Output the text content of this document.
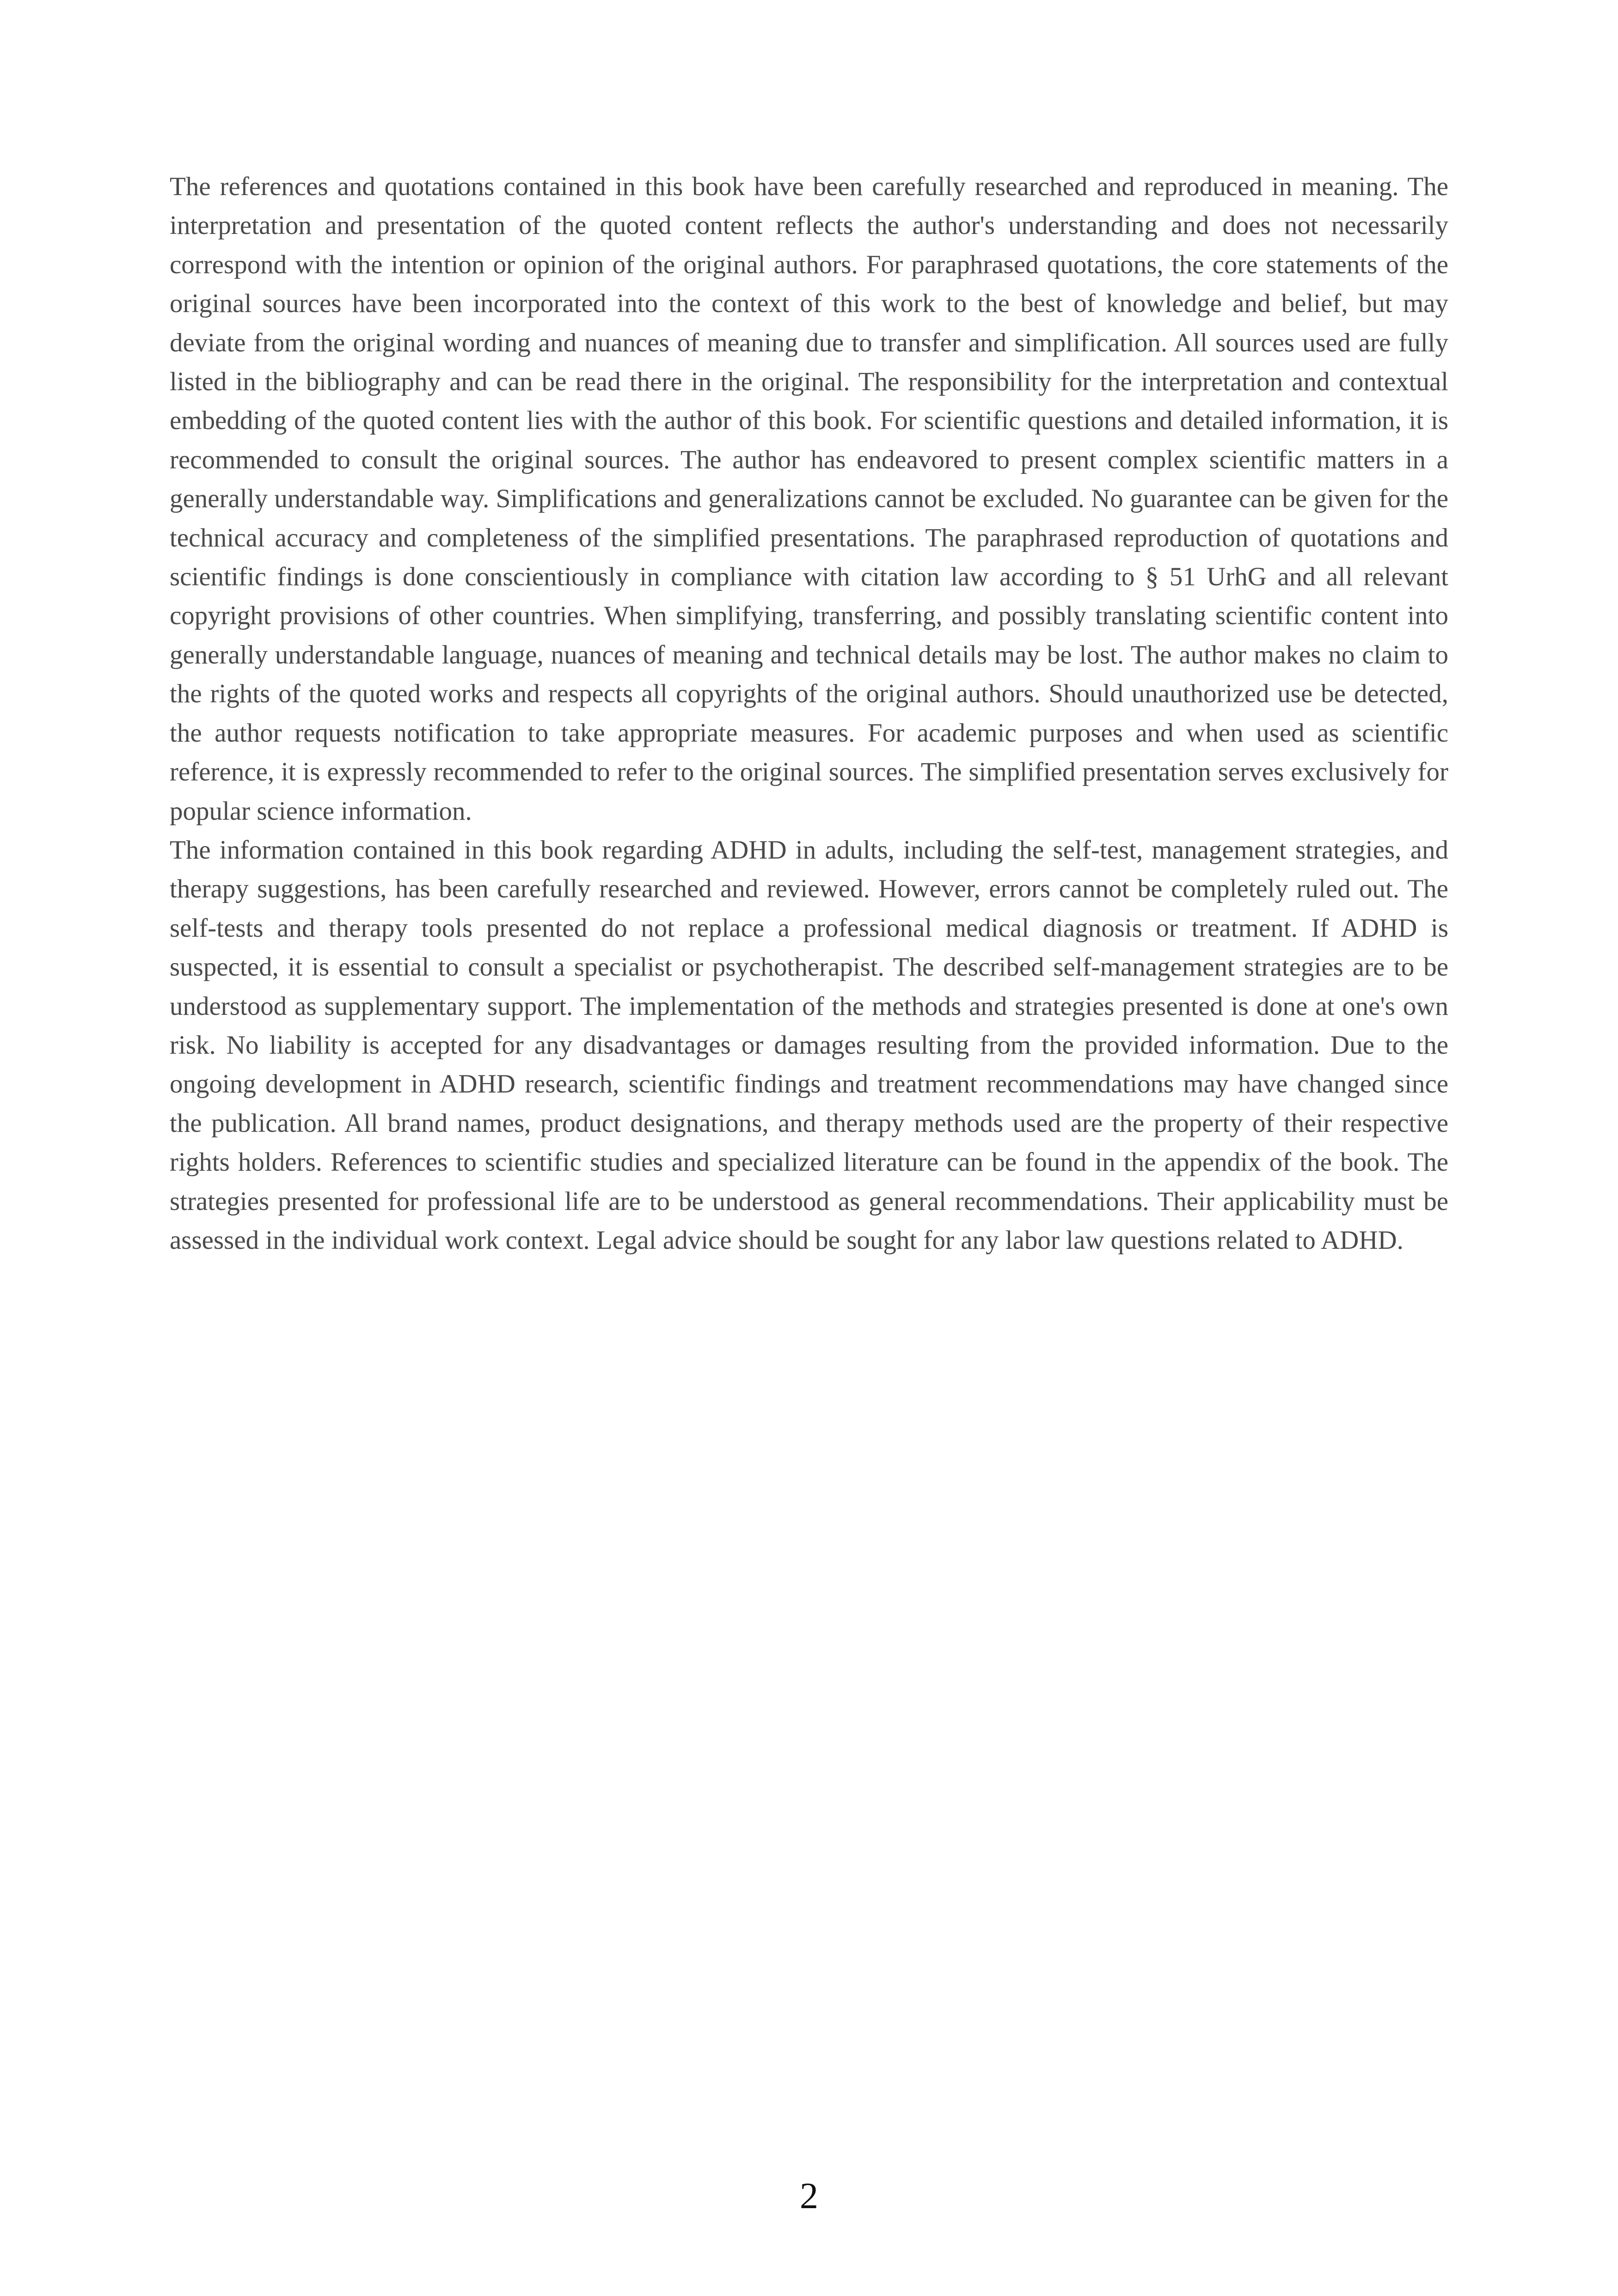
The references and quotations contained in this book have been carefully researched and reproduced in meaning. The interpretation and presentation of the quoted content reflects the author's understanding and does not necessarily correspond with the intention or opinion of the original authors. For paraphrased quotations, the core statements of the original sources have been incorporated into the context of this work to the best of knowledge and belief, but may deviate from the original wording and nuances of meaning due to transfer and simplification. All sources used are fully listed in the bibliography and can be read there in the original. The responsibility for the interpretation and contextual embedding of the quoted content lies with the author of this book. For scientific questions and detailed information, it is recommended to consult the original sources. The author has endeavored to present complex scientific matters in a generally understandable way. Simplifications and generalizations cannot be excluded. No guarantee can be given for the technical accuracy and completeness of the simplified presentations. The paraphrased reproduction of quotations and scientific findings is done conscientiously in compliance with citation law according to § 51 UrhG and all relevant copyright provisions of other countries. When simplifying, transferring, and possibly translating scientific content into generally understandable language, nuances of meaning and technical details may be lost. The author makes no claim to the rights of the quoted works and respects all copyrights of the original authors. Should unauthorized use be detected, the author requests notification to take appropriate measures. For academic purposes and when used as scientific reference, it is expressly recommended to refer to the original sources. The simplified presentation serves exclusively for popular science information.

The information contained in this book regarding ADHD in adults, including the self-test, management strategies, and therapy suggestions, has been carefully researched and reviewed. However, errors cannot be completely ruled out. The self-tests and therapy tools presented do not replace a professional medical diagnosis or treatment. If ADHD is suspected, it is essential to consult a specialist or psychotherapist. The described self-management strategies are to be understood as supplementary support. The implementation of the methods and strategies presented is done at one's own risk. No liability is accepted for any disadvantages or damages resulting from the provided information. Due to the ongoing development in ADHD research, scientific findings and treatment recommendations may have changed since the publication. All brand names, product designations, and therapy methods used are the property of their respective rights holders. References to scientific studies and specialized literature can be found in the appendix of the book. The strategies presented for professional life are to be understood as general recommendations. Their applicability must be assessed in the individual work context. Legal advice should be sought for any labor law questions related to ADHD.

2
